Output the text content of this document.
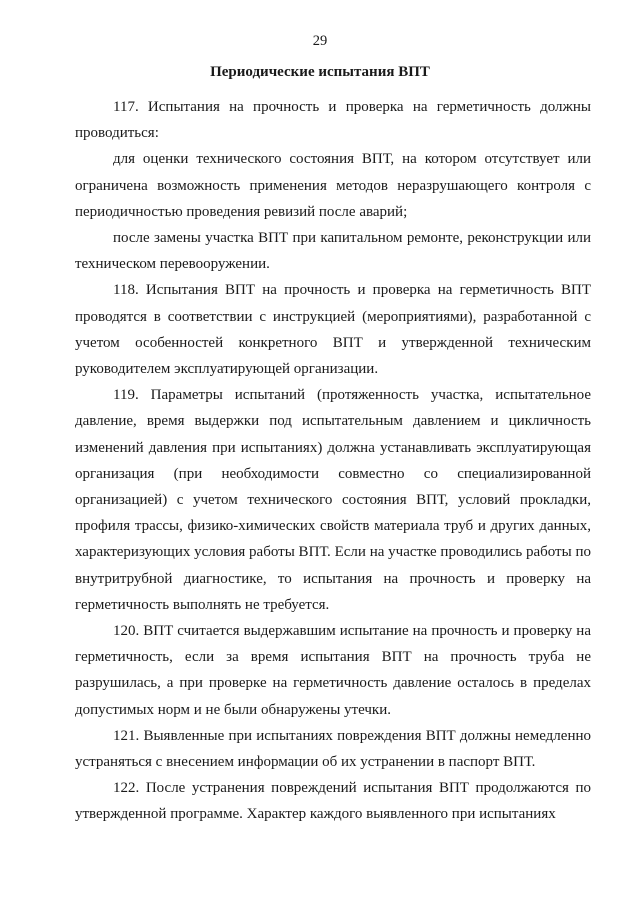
29
Периодические испытания ВПТ

117. Испытания на прочность и проверка на герметичность должны проводиться:

для оценки технического состояния ВПТ, на котором отсутствует или ограничена возможность применения методов неразрушающего контроля с периодичностью проведения ревизий после аварий;

после замены участка ВПТ при капитальном ремонте, реконструкции или техническом перевооружении.

118. Испытания ВПТ на прочность и проверка на герметичность ВПТ проводятся в соответствии с инструкцией (мероприятиями), разработанной с учетом особенностей конкретного ВПТ и утвержденной техническим руководителем эксплуатирующей организации.

119. Параметры испытаний (протяженность участка, испытательное давление, время выдержки под испытательным давлением и цикличность изменений давления при испытаниях) должна устанавливать эксплуатирующая организация (при необходимости совместно со специализированной организацией) с учетом технического состояния ВПТ, условий прокладки, профиля трассы, физико-химических свойств материала труб и других данных, характеризующих условия работы ВПТ. Если на участке проводились работы по внутритрубной диагностике, то испытания на прочность и проверку на герметичность выполнять не требуется.

120. ВПТ считается выдержавшим испытание на прочность и проверку на герметичность, если за время испытания ВПТ на прочность труба не разрушилась, а при проверке на герметичность давление осталось в пределах допустимых норм и не были обнаружены утечки.

121. Выявленные при испытаниях повреждения ВПТ должны немедленно устраняться с внесением информации об их устранении в паспорт ВПТ.

122. После устранения повреждений испытания ВПТ продолжаются по утвержденной программе. Характер каждого выявленного при испытаниях
